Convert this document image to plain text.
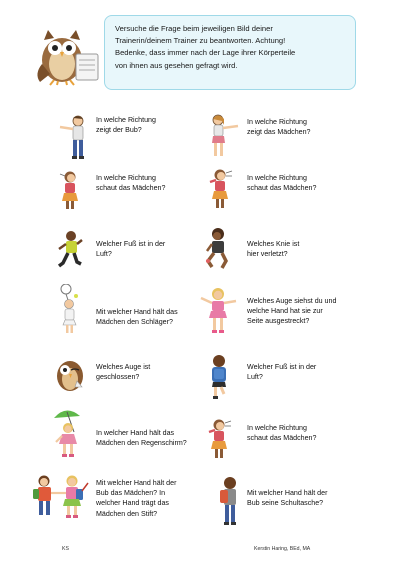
Versuche die Frage beim jeweiligen Bild deiner
Trainerin/deinem Trainer zu beantworten. Achtung!
Bedenke, dass immer nach der Lage ihrer Körperteile
von ihnen aus gesehen gefragt wird.
In welche Richtung
zeigt der Bub?
In welche Richtung
zeigt das Mädchen?
In welche Richtung
schaut das Mädchen?
In welche Richtung
schaut das Mädchen?
Welcher Fuß ist in der
Luft?
Welches Knie ist
hier verletzt?
Mit welcher Hand hält das
Mädchen den Schläger?
Welches Auge siehst du und
welche Hand hat sie zur
Seite ausgestreckt?
Welches Auge ist
geschlossen?
Welcher Fuß ist in der
Luft?
In welcher Hand hält das
Mädchen den Regenschirm?
In welche Richtung
schaut das Mädchen?
Mit welcher Hand hält der
Bub das Mädchen? In
welcher Hand trägt das
Mädchen den Stift?
Mit welcher Hand hält der
Bub seine Schultasche?
KS	Kerstin Haring, BEd, MA
